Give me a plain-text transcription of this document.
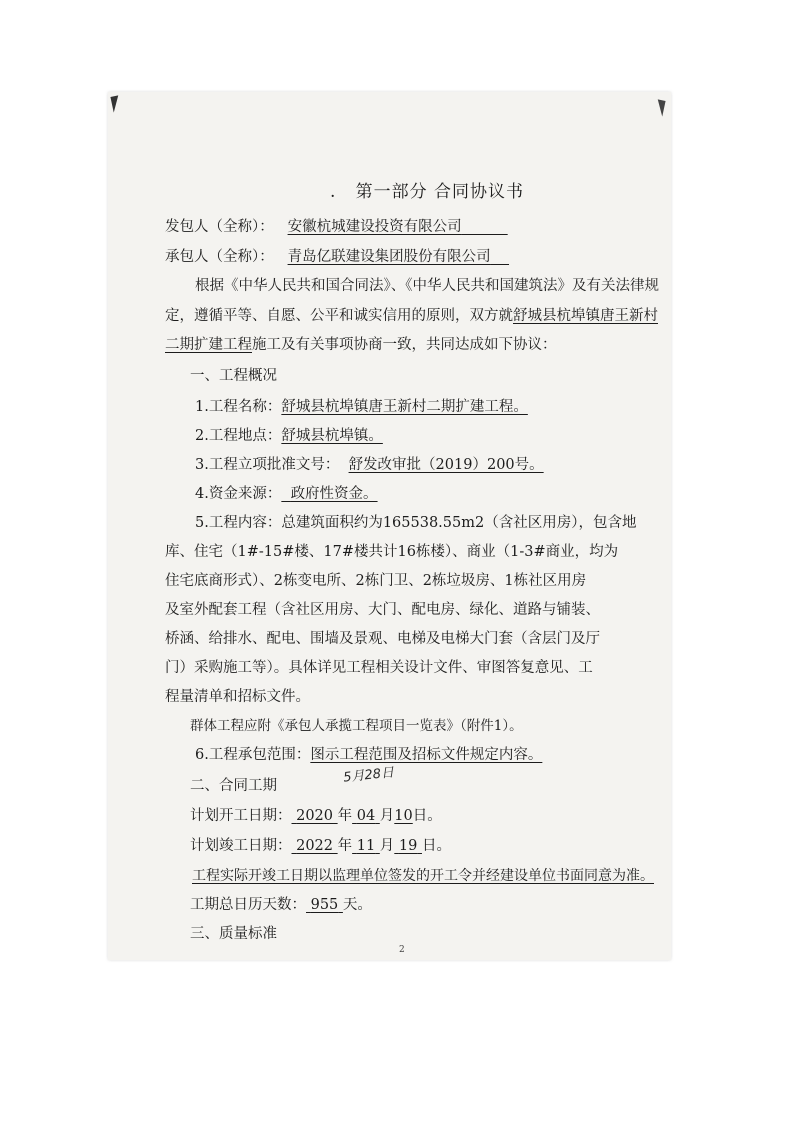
. 第一部分 合同协议书
发包人（全称）： 安徽杭城建设投资有限公司
承包人（全称）： 青岛亿联建设集团股份有限公司
根据《中华人民共和国合同法》、《中华人民共和国建筑法》及有关法律规
定，遵循平等、自愿、公平和诚实信用的原则，双方就舒城县杭埠镇唐王新村
二期扩建工程施工及有关事项协商一致，共同达成如下协议：
一、工程概况
1.工程名称：舒城县杭埠镇唐王新村二期扩建工程。
2.工程地点：舒城县杭埠镇。
3.工程立项批准文号： 舒发改审批（2019）200号。
4.资金来源： 政府性资金。
5.工程内容：总建筑面积约为165538.55m2（含社区用房），包含地
库、住宅（1#-15#楼、17#楼共计16栋楼）、商业（1-3#商业，均为
住宅底商形式）、2栋变电所、2栋门卫、2栋垃圾房、1栋社区用房
及室外配套工程（含社区用房、大门、配电房、绿化、道路与铺装、
桥涵、给排水、配电、围墙及景观、电梯及电梯大门套（含层门及厅
门）采购施工等）。具体详见工程相关设计文件、审图答复意见、工
程量清单和招标文件。
群体工程应附《承包人承揽工程项目一览表》（附件1）。
6.工程承包范围：图示工程范围及招标文件规定内容。
二、合同工期
5月28日
计划开工日期： 2020 年 04 月10日。
计划竣工日期： 2022 年 11 月 19 日。
工程实际开竣工日期以监理单位签发的开工令并经建设单位书面同意为准。
工期总日历天数： 955 天。
三、质量标准
2
